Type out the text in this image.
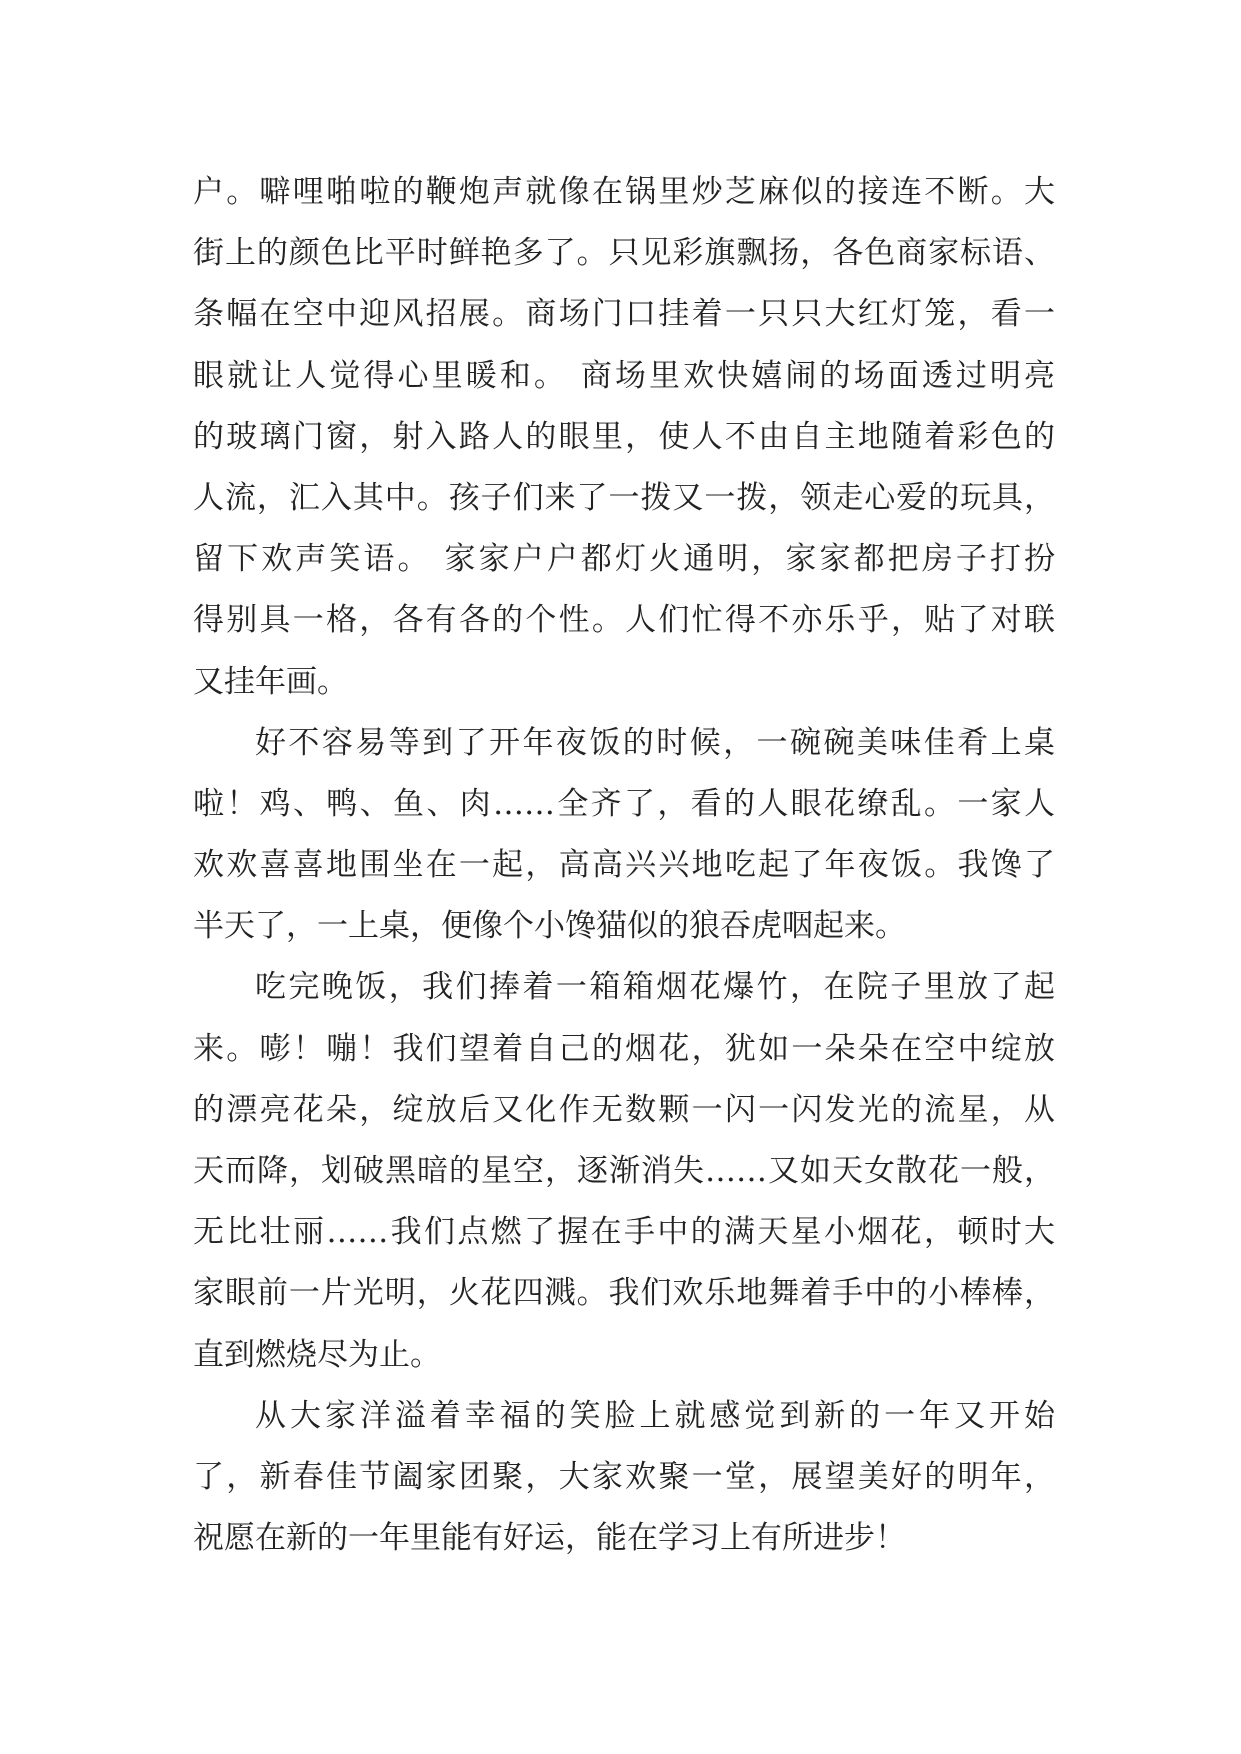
户。噼哩啪啦的鞭炮声就像在锅里炒芝麻似的接连不断。大
街上的颜色比平时鲜艳多了。只见彩旗飘扬，各色商家标语、
条幅在空中迎风招展。商场门口挂着一只只大红灯笼，看一
眼就让人觉得心里暖和。 商场里欢快嬉闹的场面透过明亮
的玻璃门窗，射入路人的眼里，使人不由自主地随着彩色的
人流，汇入其中。孩子们来了一拨又一拨，领走心爱的玩具，
留下欢声笑语。 家家户户都灯火通明，家家都把房子打扮
得别具一格，各有各的个性。人们忙得不亦乐乎，贴了对联
又挂年画。
好不容易等到了开年夜饭的时候，一碗碗美味佳肴上桌
啦！鸡、鸭、鱼、肉……全齐了，看的人眼花缭乱。一家人
欢欢喜喜地围坐在一起，高高兴兴地吃起了年夜饭。我馋了
半天了，一上桌，便像个小馋猫似的狼吞虎咽起来。
吃完晚饭，我们捧着一箱箱烟花爆竹，在院子里放了起
来。嘭！嘣！我们望着自己的烟花，犹如一朵朵在空中绽放
的漂亮花朵，绽放后又化作无数颗一闪一闪发光的流星，从
天而降，划破黑暗的星空，逐渐消失……又如天女散花一般，
无比壮丽……我们点燃了握在手中的满天星小烟花，顿时大
家眼前一片光明，火花四溅。我们欢乐地舞着手中的小棒棒，
直到燃烧尽为止。
从大家洋溢着幸福的笑脸上就感觉到新的一年又开始
了，新春佳节阖家团聚，大家欢聚一堂，展望美好的明年，
祝愿在新的一年里能有好运，能在学习上有所进步！
